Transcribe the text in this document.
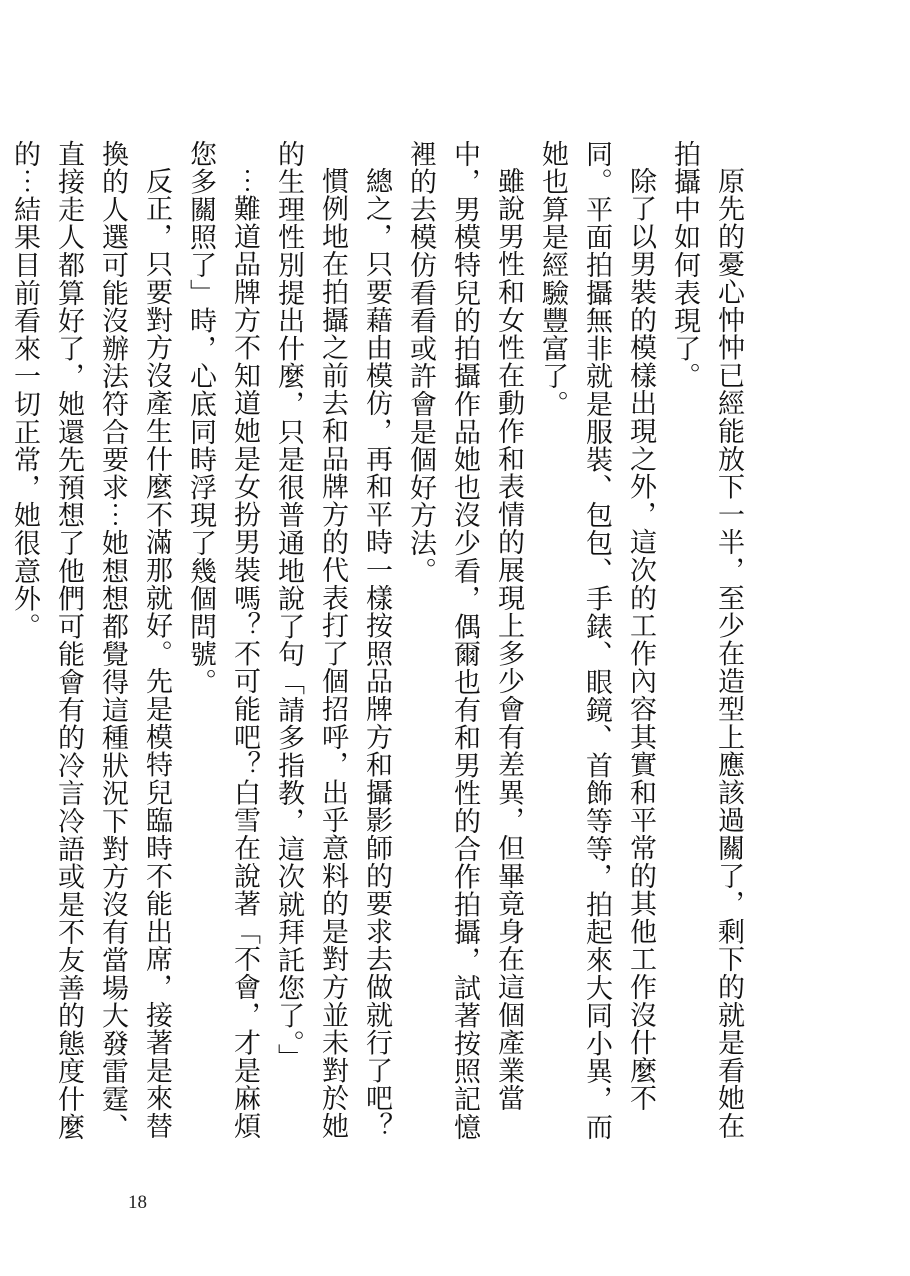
原先的憂心忡忡已經能放下一半，至少在造型上應該過關了，剩下的就是看她在拍攝中如何表現了。

除了以男裝的模樣出現之外，這次的工作內容其實和平常的其他工作沒什麼不同。平面拍攝無非就是服裝、包包、手錶、眼鏡、首飾等等，拍起來大同小異，而她也算是經驗豐富了。

雖說男性和女性在動作和表情的展現上多少會有差異，但畢竟身在這個產業當中，男模特兒的拍攝作品她也沒少看，偶爾也有和男性的合作拍攝，試著按照記憶裡的去模仿看看或許會是個好方法。

總之，只要藉由模仿，再和平時一樣按照品牌方和攝影師的要求去做就行了吧？

慣例地在拍攝之前去和品牌方的代表打了個招呼，出乎意料的是對方並未對於她的生理性別提出什麼，只是很普通地說了句「請多指教，這次就拜託您了。」

⋯難道品牌方不知道她是女扮男裝嗎？不可能吧？白雪在說著「不會，才是麻煩您多關照了」時，心底同時浮現了幾個問號。

反正，只要對方沒產生什麼不滿那就好。先是模特兒臨時不能出席，接著是來替換的人選可能沒辦法符合要求⋯她想想都覺得這種狀況下對方沒有當場大發雷霆、直接走人都算好了，她還先預想了他們可能會有的冷言冷語或是不友善的態度什麼的⋯結果目前看來一切正常，她很意外。

18
